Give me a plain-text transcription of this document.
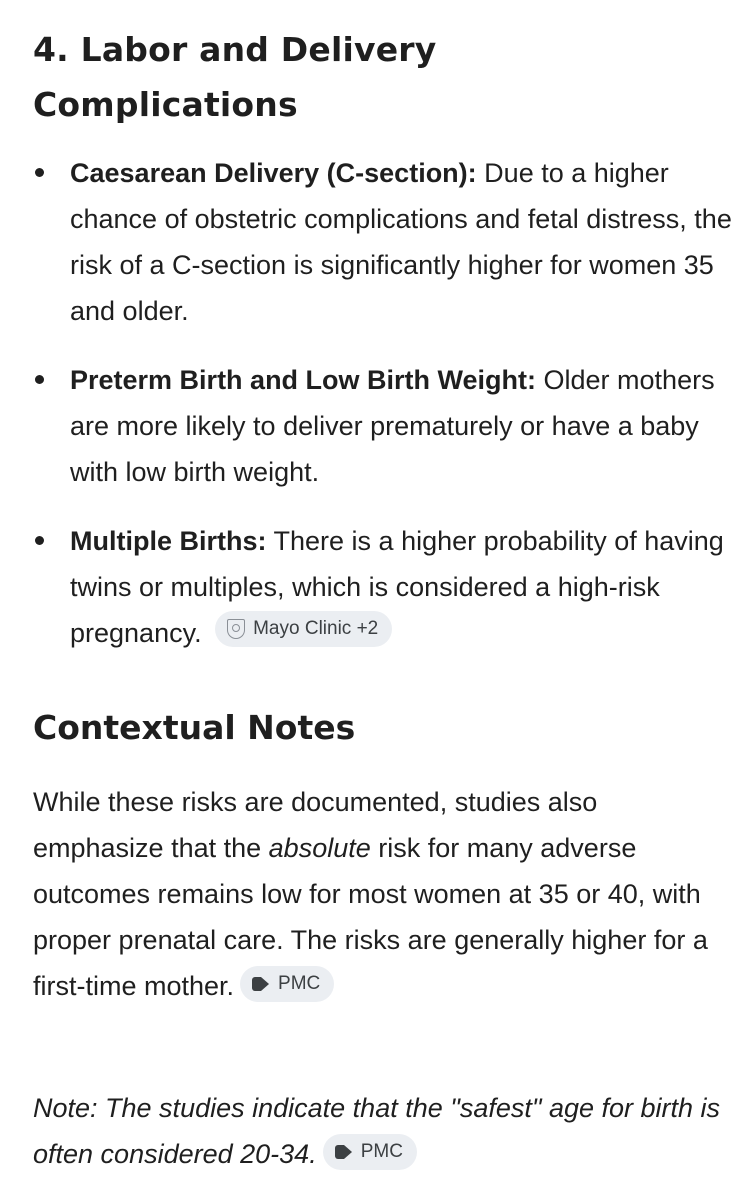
4. Labor and Delivery Complications
Caesarean Delivery (C-section): Due to a higher chance of obstetric complications and fetal distress, the risk of a C-section is significantly higher for women 35 and older.
Preterm Birth and Low Birth Weight: Older mothers are more likely to deliver prematurely or have a baby with low birth weight.
Multiple Births: There is a higher probability of having twins or multiples, which is considered a high-risk pregnancy.	Mayo Clinic +2
Contextual Notes

While these risks are documented, studies also emphasize that the absolute risk for many adverse outcomes remains low for most women at 35 or 40, with proper prenatal care. The risks are generally higher for a first-time mother. PMC

Note: The studies indicate that the "safest" age for birth is often considered 20-34. PMC
